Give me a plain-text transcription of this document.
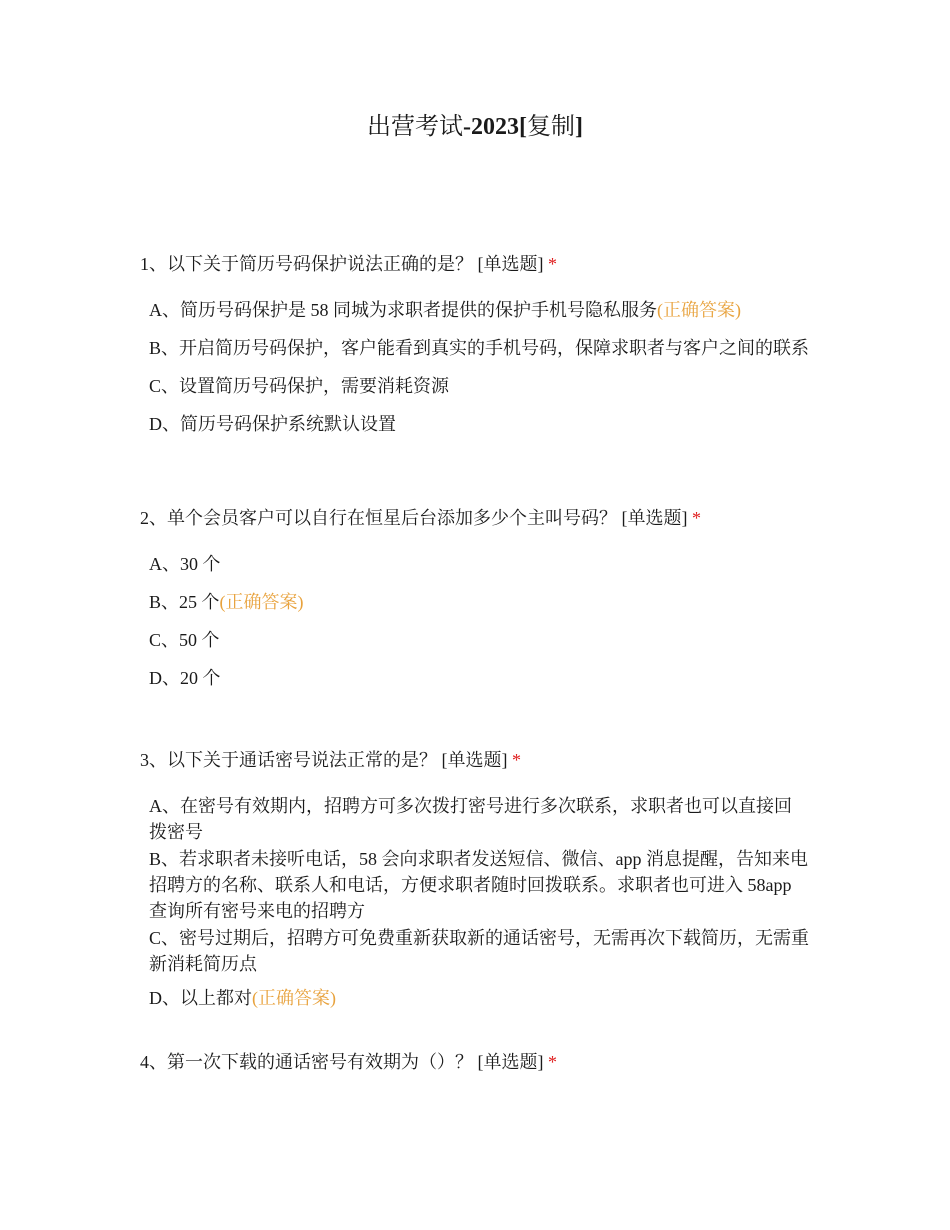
出营考试-2023[复制]
1、以下关于简历号码保护说法正确的是？ [单选题] *
A、简历号码保护是 58 同城为求职者提供的保护手机号隐私服务(正确答案)
B、开启简历号码保护，客户能看到真实的手机号码，保障求职者与客户之间的联系
C、设置简历号码保护，需要消耗资源
D、简历号码保护系统默认设置
2、单个会员客户可以自行在恒星后台添加多少个主叫号码？ [单选题] *
A、30 个
B、25 个(正确答案)
C、50 个
D、20 个
3、以下关于通话密号说法正常的是？ [单选题] *
A、在密号有效期内，招聘方可多次拨打密号进行多次联系，求职者也可以直接回拨密号
B、若求职者未接听电话，58 会向求职者发送短信、微信、app 消息提醒，告知来电招聘方的名称、联系人和电话，方便求职者随时回拨联系。求职者也可进入 58app 查询所有密号来电的招聘方
C、密号过期后，招聘方可免费重新获取新的通话密号，无需再次下载简历，无需重新消耗简历点
D、以上都对(正确答案)
4、第一次下载的通话密号有效期为（）？ [单选题] *
